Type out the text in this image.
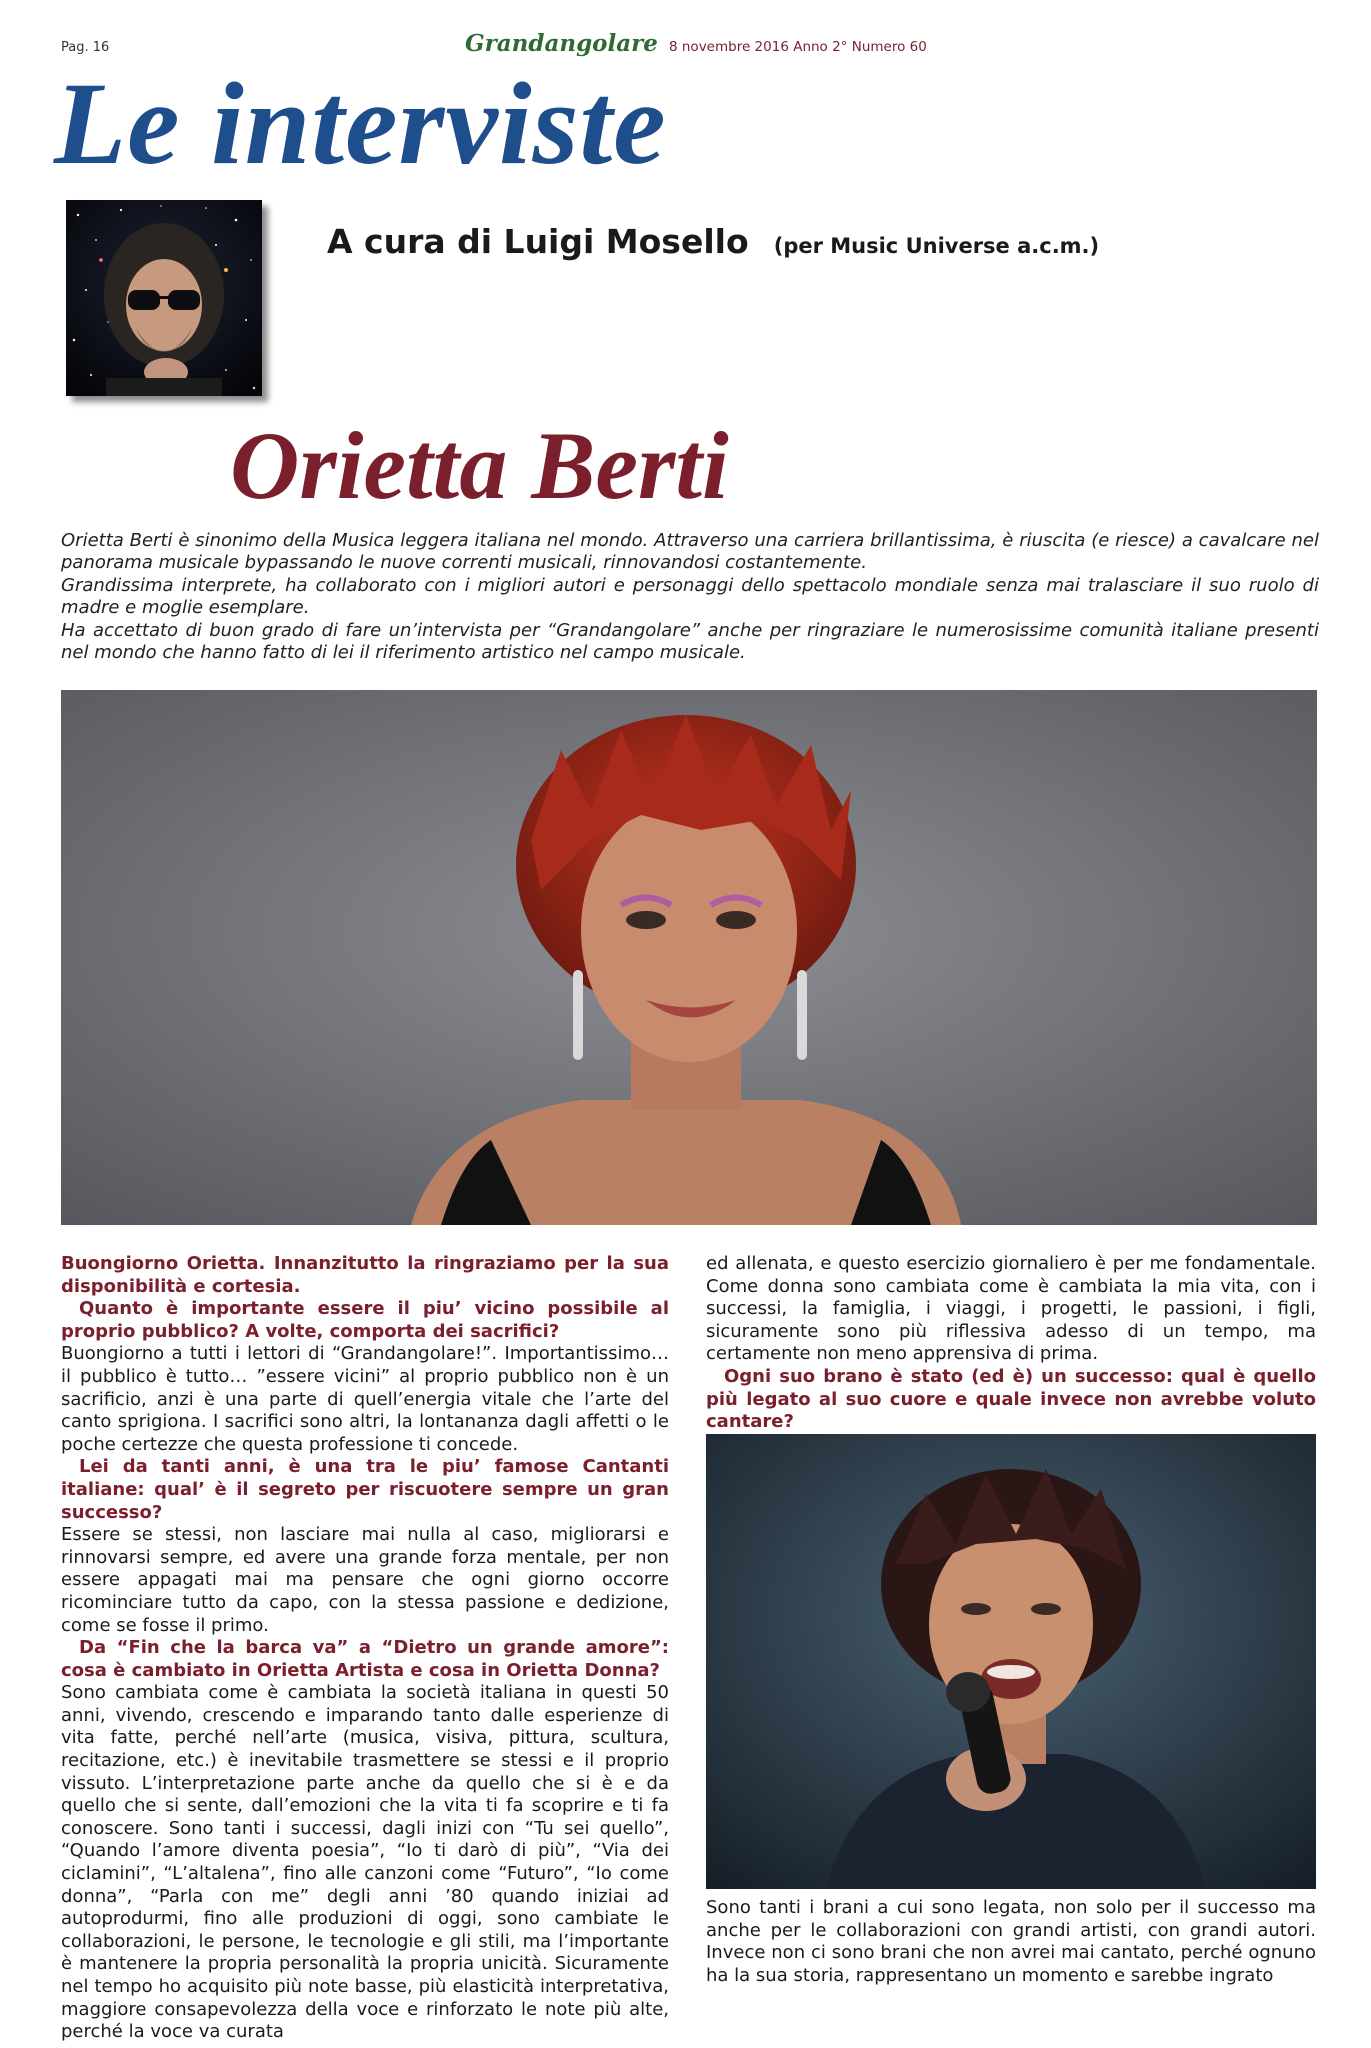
Pag. 16	Grandangolare 8 novembre 2016 Anno 2° Numero 60
Le interviste
A cura di Luigi Mosello (per Music Universe a.c.m.)
Orietta Berti

Orietta Berti è sinonimo della Musica leggera italiana nel mondo. Attraverso una carriera brillantissima, è riuscita (e riesce) a cavalcare nel panorama musicale bypassando le nuove correnti musicali, rinnovandosi costantemente.

Grandissima interprete, ha collaborato con i migliori autori e personaggi dello spettacolo mondiale senza mai tralasciare il suo ruolo di madre e moglie esemplare.

Ha accettato di buon grado di fare un’intervista per “Grandangolare” anche per ringraziare le numerosissime comunità italiane presenti nel mondo che hanno fatto di lei il riferimento artistico nel campo musicale.

Buongiorno Orietta. Innanzitutto la ringraziamo per la sua disponibilità e cortesia.

Quanto è importante essere il piu’ vicino possibile al proprio pubblico? A volte, comporta dei sacrifici?

Buongiorno a tutti i lettori di “Grandangolare!”. Importantissimo… il pubblico è tutto… ”essere vicini” al proprio pubblico non è un sacrificio, anzi è una parte di quell’energia vitale che l’arte del canto sprigiona. I sacrifici sono altri, la lontananza dagli affetti o le poche certezze che questa professione ti concede.

Lei da tanti anni, è una tra le piu’ famose Cantanti italiane: qual’ è il segreto per riscuotere sempre un gran successo?

Essere se stessi, non lasciare mai nulla al caso, migliorarsi e rinnovarsi sempre, ed avere una grande forza mentale, per non essere appagati mai ma pensare che ogni giorno occorre ricominciare tutto da capo, con la stessa passione e dedizione, come se fosse il primo.

Da “Fin che la barca va” a “Dietro un grande amore”: cosa è cambiato in Orietta Artista e cosa in Orietta Donna?

Sono cambiata come è cambiata la società italiana in questi 50 anni, vivendo, crescendo e imparando tanto dalle esperienze di vita fatte, perché nell’arte (musica, visiva, pittura, scultura, recitazione, etc.) è inevitabile trasmettere se stessi e il proprio vissuto. L’interpretazione parte anche da quello che si è e da quello che si sente, dall’emozioni che la vita ti fa scoprire e ti fa conoscere. Sono tanti i successi, dagli inizi con “Tu sei quello”, “Quando l’amore diventa poesia”, “Io ti darò di più”, “Via dei ciclamini”, “L’altalena”, fino alle canzoni come “Futuro”, “Io come donna”, “Parla con me” degli anni ’80 quando iniziai ad autoprodurmi, fino alle produzioni di oggi, sono cambiate le collaborazioni, le persone, le tecnologie e gli stili, ma l’importante è mantenere la propria personalità la propria unicità. Sicuramente nel tempo ho acquisito più note basse, più elasticità interpretativa, maggiore consapevolezza della voce e rinforzato le note più alte, perché la voce va curata

ed allenata, e questo esercizio giornaliero è per me fondamentale. Come donna sono cambiata come è cambiata la mia vita, con i successi, la famiglia, i viaggi, i progetti, le passioni, i figli, sicuramente sono più riflessiva adesso di un tempo, ma certamente non meno apprensiva di prima.

Ogni suo brano è stato (ed è) un successo: qual è quello più legato al suo cuore e quale invece non avrebbe voluto cantare?

Sono tanti i brani a cui sono legata, non solo per il successo ma anche per le collaborazioni con grandi artisti, con grandi autori. Invece non ci sono brani che non avrei mai cantato, perché ognuno ha la sua storia, rappresentano un momento e sarebbe ingrato
